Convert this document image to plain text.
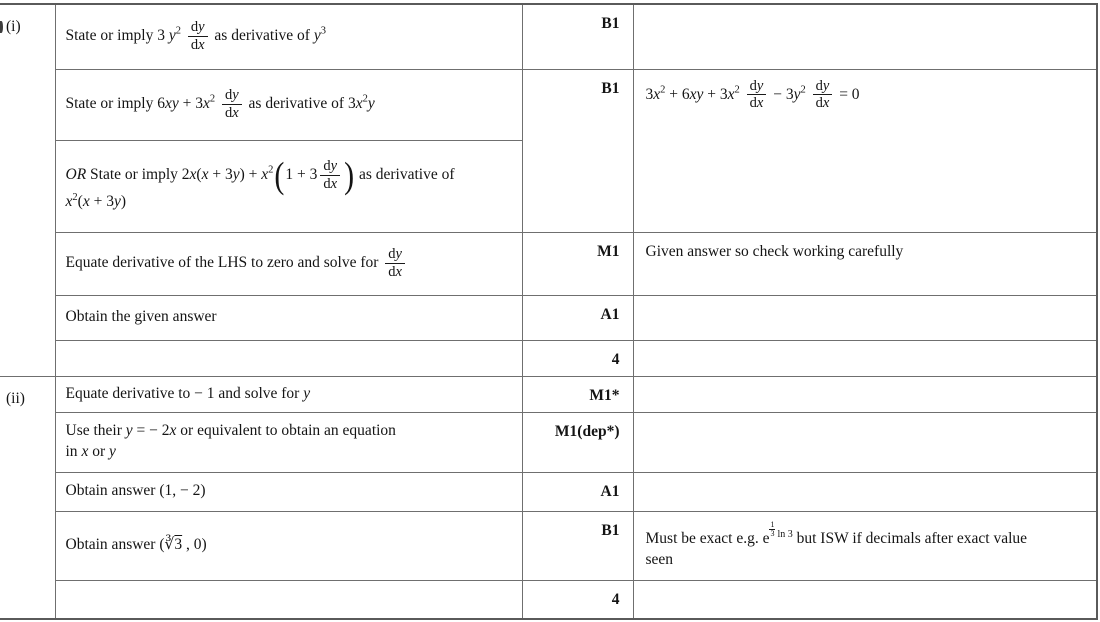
(i)	State or imply 3 $y^2 \frac{dy}{dx}$ as derivative of $y^3$	B1	
State or imply $6xy + 3x^2 \frac{dy}{dx}$ as derivative of $3x^2y$	B1	$3x^2 + 6xy + 3x^2 \frac{dy}{dx} - 3y^2 \frac{dy}{dx} = 0$
	OR State or imply $2x(x + 3y) + x^2(1 + 3 \frac{dy}{dx}$ ) as derivative of
$x^2(x + 3y)$		
	Equate derivative of the LHS to zero and solve for $\frac{dy}{dx}$	M1	Given answer so check working carefully
	Obtain the given answer	A1	
		4	
(ii)	Equate derivative to − 1 and solve for y	M1*	
	Use their y = − 2x or equivalent to obtain an equation
in x or y	M1(dep*)	
	Obtain answer (1, − 2)	A1	
	Obtain answer (∛3 , 0)	B1	Must be exact e.g. e
$^{\frac{1}{3} ln 3}$ but ISW if decimals after exact value
seen
		4	
